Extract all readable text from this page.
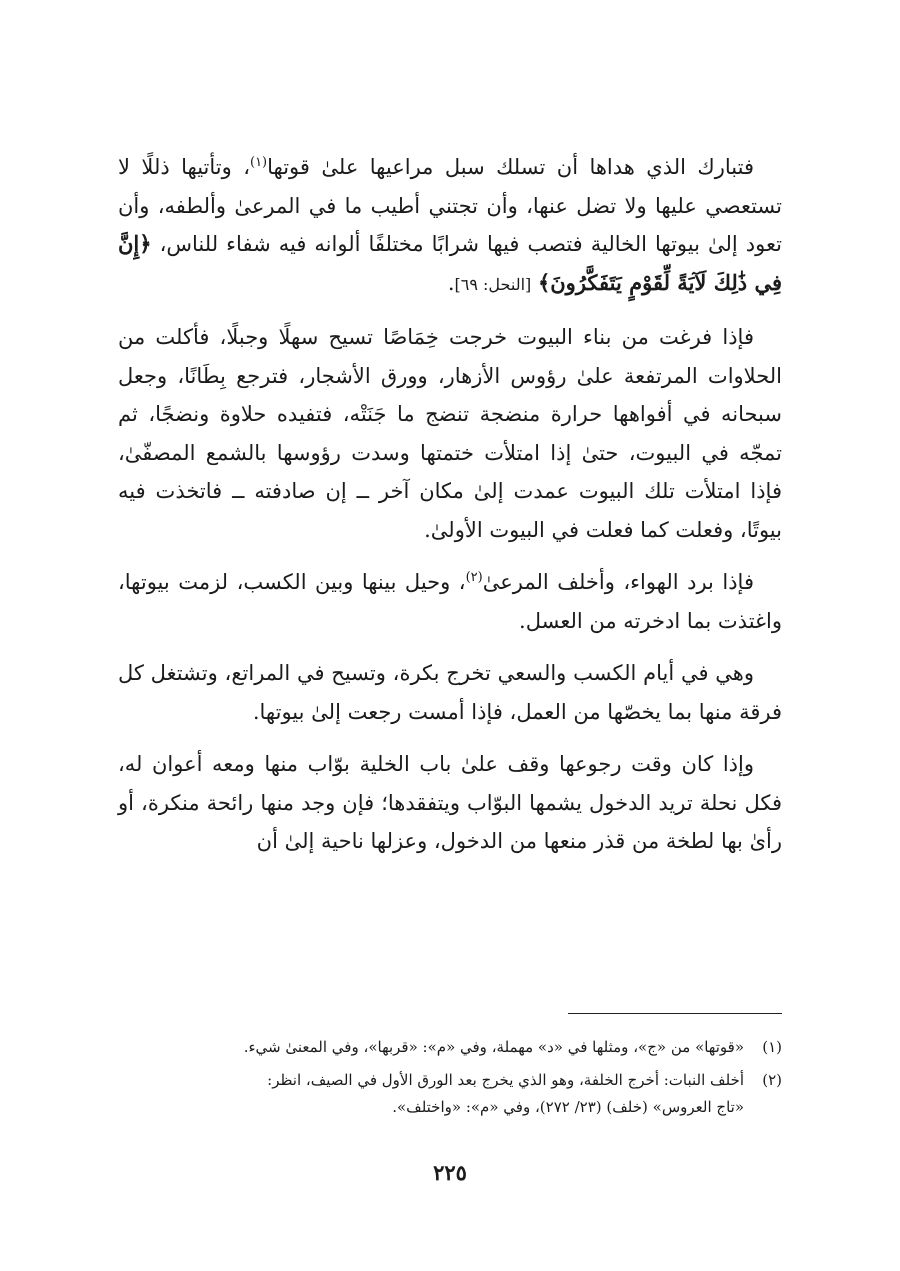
فتبارك الذي هداها أن تسلك سبل مراعيها علىٰ قوتها$^{(١)}$، وتأتيها ذللًا لا تستعصي عليها ولا تضل عنها، وأن تجتني أطيب ما في المرعىٰ وألطفه، وأن تعود إلىٰ بيوتها الخالية فتصب فيها شرابًا مختلفًا ألوانه فيه شفاء للناس، ﴿إِنَّ فِي ذَٰلِكَ لَآيَةً لِّقَوْمٍ يَتَفَكَّرُونَ﴾ [النحل: ٦٩].

فإذا فرغت من بناء البيوت خرجت خِمَاصًا تسيح سهلًا وجبلًا، فأكلت من الحلاوات المرتفعة علىٰ رؤوس الأزهار، وورق الأشجار، فترجع بِطَانًا، وجعل سبحانه في أفواهها حرارة منضجة تنضج ما جَنَتْه، فتفيده حلاوة ونضجًا، ثم تمجّه في البيوت، حتىٰ إذا امتلأت ختمتها وسدت رؤوسها بالشمع المصفّىٰ، فإذا امتلأت تلك البيوت عمدت إلىٰ مكان آخر ــ إن صادفته ــ فاتخذت فيه بيوتًا، وفعلت كما فعلت في البيوت الأولىٰ.

فإذا برد الهواء، وأخلف المرعىٰ$^{(٢)}$، وحيل بينها وبين الكسب، لزمت بيوتها، واغتذت بما ادخرته من العسل.

وهي في أيام الكسب والسعي تخرج بكرة، وتسيح في المراتع، وتشتغل كل فرقة منها بما يخصّها من العمل، فإذا أمست رجعت إلىٰ بيوتها.

وإذا كان وقت رجوعها وقف علىٰ باب الخلية بوّاب منها ومعه أعوان له، فكل نحلة تريد الدخول يشمها البوّاب ويتفقدها؛ فإن وجد منها رائحة منكرة، أو رأىٰ بها لطخة من قذر منعها من الدخول، وعزلها ناحية إلىٰ أن

(١)«قوتها» من «ج»، ومثلها في «د» مهملة، وفي «م»: «قربها»، وفي المعنىٰ شيء.

(٢)أخلف النبات: أخرج الخلفة، وهو الذي يخرج بعد الورق الأول في الصيف، انظر:
«تاج العروس» (خلف) (٢٣/ ٢٧٢)، وفي «م»: «واختلف».

٢٢٥
